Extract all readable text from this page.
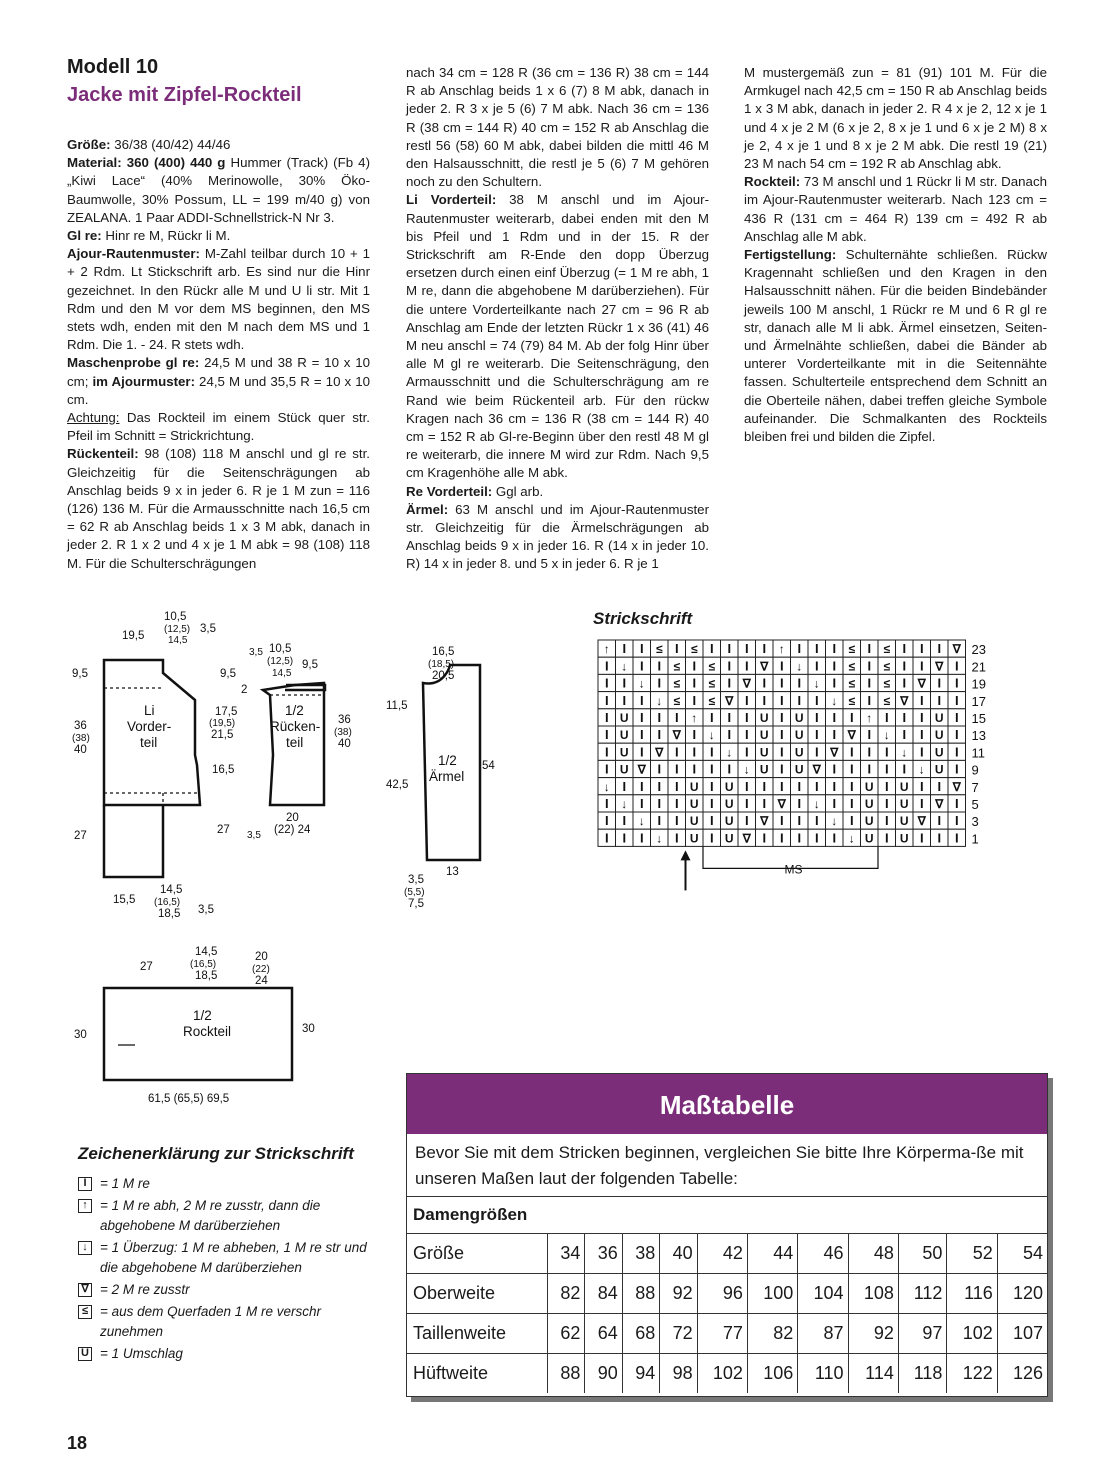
Modell 10
Jacke mit Zipfel-Rockteil

Größe: 36/38 (40/42) 44/46

Material: 360 (400) 440 g Hummer (Track) (Fb 4) „Kiwi Lace“ (40% Merinowolle, 30% Öko-Baumwolle, 30% Possum, LL = 199 m/40 g) von ZEALANA. 1 Paar ADDI-Schnellstrick-N Nr 3.

Gl re: Hinr re M, Rückr li M.

Ajour-Rautenmuster: M-Zahl teilbar durch 10 + 1 + 2 Rdm. Lt Stickschrift arb. Es sind nur die Hinr gezeichnet. In den Rückr alle M und U li str. Mit 1 Rdm und den M vor dem MS beginnen, den MS stets wdh, enden mit den M nach dem MS und 1 Rdm. Die 1. - 24. R stets wdh.

Maschenprobe gl re: 24,5 M und 38 R = 10 x 10 cm; im Ajourmuster: 24,5 M und 35,5 R = 10 x 10 cm.

Achtung: Das Rockteil im einem Stück quer str. Pfeil im Schnitt = Strickrichtung.

Rückenteil: 98 (108) 118 M anschl und gl re str. Gleichzeitig für die Seitenschrägungen ab Anschlag beids 9 x in jeder 6. R je 1 M zun = 116 (126) 136 M. Für die Armausschnitte nach 16,5 cm = 62 R ab Anschlag beids 1 x 3 M abk, danach in jeder 2. R 1 x 2 und 4 x je 1 M abk = 98 (108) 118 M. Für die Schulterschrägungen

nach 34 cm = 128 R (36 cm = 136 R) 38 cm = 144 R ab Anschlag beids 1 x 6 (7) 8 M abk, danach in jeder 2. R 3 x je 5 (6) 7 M abk. Nach 36 cm = 136 R (38 cm = 144 R) 40 cm = 152 R ab Anschlag die restl 56 (58) 60 M abk, dabei bilden die mittl 46 M den Halsausschnitt, die restl je 5 (6) 7 M gehören noch zu den Schultern.

Li Vorderteil: 38 M anschl und im Ajour-Rautenmuster weiterarb, dabei enden mit den M bis Pfeil und 1 Rdm und in der 15. R der Strickschrift am R-Ende den dopp Überzug ersetzen durch einen einf Überzug (= 1 M re abh, 1 M re, dann die abgehobene M darüberziehen). Für die untere Vorderteilkante nach 27 cm = 96 R ab Anschlag am Ende der letzten Rückr 1 x 36 (41) 46 M neu anschl = 74 (79) 84 M. Ab der folg Hinr über alle M gl re weiterarb. Die Seitenschrägung, den Armausschnitt und die Schulterschrägung am re Rand wie beim Rückenteil arb. Für den rückw Kragen nach 36 cm = 136 R (38 cm = 144 R) 40 cm = 152 R ab Gl-re-Beginn über den restl 48 M gl re weiterarb, die innere M wird zur Rdm. Nach 9,5 cm Kragenhöhe alle M abk.

Re Vorderteil: Ggl arb.

Ärmel: 63 M anschl und im Ajour-Rautenmuster str. Gleichzeitig für die Ärmelschrägungen ab Anschlag beids 9 x in jeder 16. R (14 x in jeder 10. R) 14 x in jeder 8. und 5 x in jeder 6. R je 1

M mustergemäß zun = 81 (91) 101 M. Für die Armkugel nach 42,5 cm = 150 R ab Anschlag beids 1 x 3 M abk, danach in jeder 2. R 4 x je 2, 12 x je 1 und 4 x je 2 M (6 x je 2, 8 x je 1 und 6 x je 2 M) 8 x je 2, 4 x je 1 und 8 x je 2 M abk. Die restl 19 (21) 23 M nach 54 cm = 192 R ab Anschlag abk.

Rockteil: 73 M anschl und 1 Rückr li M str. Danach im Ajour-Rautenmuster weiterarb. Nach 123 cm = 436 R (131 cm = 464 R) 139 cm = 492 R ab Anschlag alle M abk.

Fertigstellung: Schulternähte schließen. Rückw Kragennaht schließen und den Kragen in den Halsausschnitt nähen. Für die beiden Bindebänder jeweils 100 M anschl, 1 Rückr re M und 6 R gl re str, danach alle M li abk. Ärmel einsetzen, Seiten- und Ärmelnähte schließen, dabei die Bänder ab unterer Vorderteilkante mit in die Seitennähte fassen. Schulterteile entsprechend dem Schnitt an die Oberteile nähen, dabei treffen gleiche Symbole aufeinander. Die Schmalkanten des Rockteils bleiben frei und bilden die Zipfel.

19,5
10,5
(12,5)
14,5
3,5
9,5
36
(38)
40
27
Li
Vorder-
teil
9,5
2
17,5
(19,5)
21,5
16,5
27 3,5
15,5
14,5
(16,5)
18,5 3,5
3,5 10,5
(12,5)
14,5
9,5
1/2
Rücken-
teil
36
(38)
40
20
(22) 24
16,5
(18,5)
20,5
11,5
42,5
54
1/2
Ärmel
3,5
(5,5)
7,5
13
27
14,5
(16,5)
18,5
20
(22)
24
30	30
1/2
Rockteil
61,5 (65,5) 69,5
Strickschrift
↑ I I ≤ I ≤ I I I I ↑ I I I ≤ I ≤ I I I ∇ 23
I ↓ I I ≤ I ≤ I I ∇ I ↓ I I ≤ I ≤ I I ∇ I 21
I I ↓ I ≤ I ≤ I ∇ I I I ↓ I ≤ I ≤ I ∇ I I 19
I I I ↓ ≤ I ≤ ∇ I I I I I ↓ ≤ I ≤ ∇ I I I 17
I U I I I ↑ I I I U I U I I I ↑ I I I U I 15
I U I I ∇ I ↓ I I U I U I I ∇ I ↓ I I U I 13
I U I ∇ I I I ↓ I U I U I ∇ I I I ↓ I U I 11
I U ∇ I I I I I ↓ U I U ∇ I I I I I ↓ U I 9
↓ I I I I U I U I I I I I I I U I U I I ∇ 7
I ↓ I I I U I U I I ∇ I ↓ I I U I U I ∇ I 5
I I ↓ I I U I U I ∇ I I I ↓ I U I U ∇ I I 3
I I I ↓ I U I U ∇ I I I I I ↓ U I U I I I 1
MS
Zeichenerklärung zur Strickschrift
I = 1 M re
↑ = 1 M re abh, 2 M re zusstr, dann die abgehobene M darüberziehen
↓ = 1 Überzug: 1 M re abheben, 1 M re str und die abgehobene M darüberziehen
∇ = 2 M re zusstr
≤ = aus dem Querfaden 1 M re verschr zunehmen
U = 1 Umschlag
Maßtabelle
Bevor Sie mit dem Stricken beginnen, vergleichen Sie bitte Ihre Körperma-ße mit unseren Maßen laut der folgenden Tabelle:
Damengrößen
Größe	34	36	38	40	42	44	46	48	50	52	54
Oberweite	82	84	88	92	96	100	104	108	112	116	120
Taillenweite	62	64	68	72	77	82	87	92	97	102	107
Hüftweite	88	90	94	98	102	106	110	114	118	122	126
18
